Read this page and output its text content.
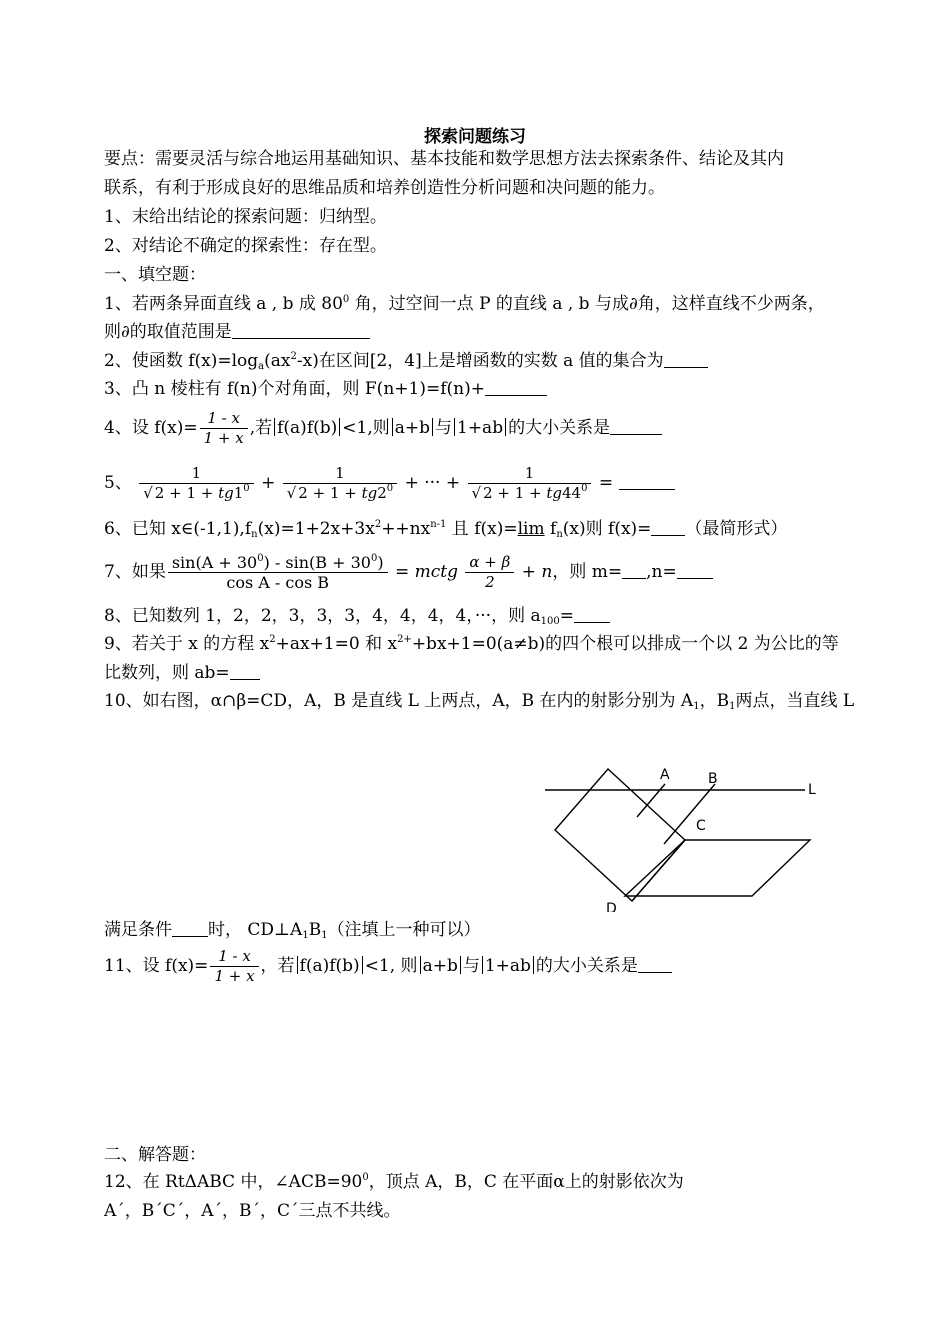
探索问题练习
要点：需要灵活与综合地运用基础知识、基本技能和数学思想方法去探索条件、结论及其内
联系，有利于形成良好的思维品质和培养创造性分析问题和决问题的能力。
1、末给出结论的探索问题：归纳型。
2、对结论不确定的探索性：存在型。
一、填空题：
1、若两条异面直线 a , b 成 $80^0$ 角，过空间一点 P 的直线 a , b 与成∂角，这样直线不少两条，
则∂的取值范围是
2、使函数 $f(x)=\log_a(ax^2-x)$在区间[2，4]上是增函数的实数 a 值的集合为
3、凸 n 棱柱有 f(n)个对角面，则 F(n+1)=f(n)+
4、设 $f(x)= \frac{1 - x}{1 + x}$ ,若 f(a)f(b) <1,则 a+b 与 1+ab 的大小关系是
5、 $\frac{1}{√ 2 + 1 + tg1^0} + \frac{1}{√ 2 + 1 + tg2^0}$ + ··· + $\frac{1}{√ 2 + 1 + tg44^0}$ =
6、已知 $x\in(-1,1),f_n(x)=1+2x+3x^2++nx^{n-1}$ 且 f(x)=lim $f_n(x)$则 f(x)= （最简形式）
7、如果 $\frac{\sin(A + 30^0) - \sin(B + 30^0)}{\text{cos A - cos B}}$ = mctg $\frac{\alpha + \beta}{2} + n$，则 m= ,n=
8、已知数列 1，2，2，3，3，3，4，4，4，4，···，则 $a_{100}=$
9、若关于 x 的方程 $x^2+ax+1=0$ 和 $x^{2+}+bx+1=0(a\ne b)$的四个根可以排成一个以 2 为公比的等
比数列，则 ab=
10、如右图，α∩β=CD，A，B 是直线 L 上两点，A，B 在内的射影分别为 $A_1$，$B_1$两点，当直线 L
A	B
C
D
L
满足条件 时， $CD\perp A_1B_1$（注填上一种可以）
11、设 $f(x)= \frac{1 - x}{1 + x}$ ，若 f(a)f(b) <1, 则 a+b 与 1+ab 的大小关系是
二、解答题：
12、在 RtΔABC 中，$\angle ACB=90^0$，顶点 A，B，C 在平面α上的射影依次为
A´，B´C´，A´，B´，C´三点不共线。
